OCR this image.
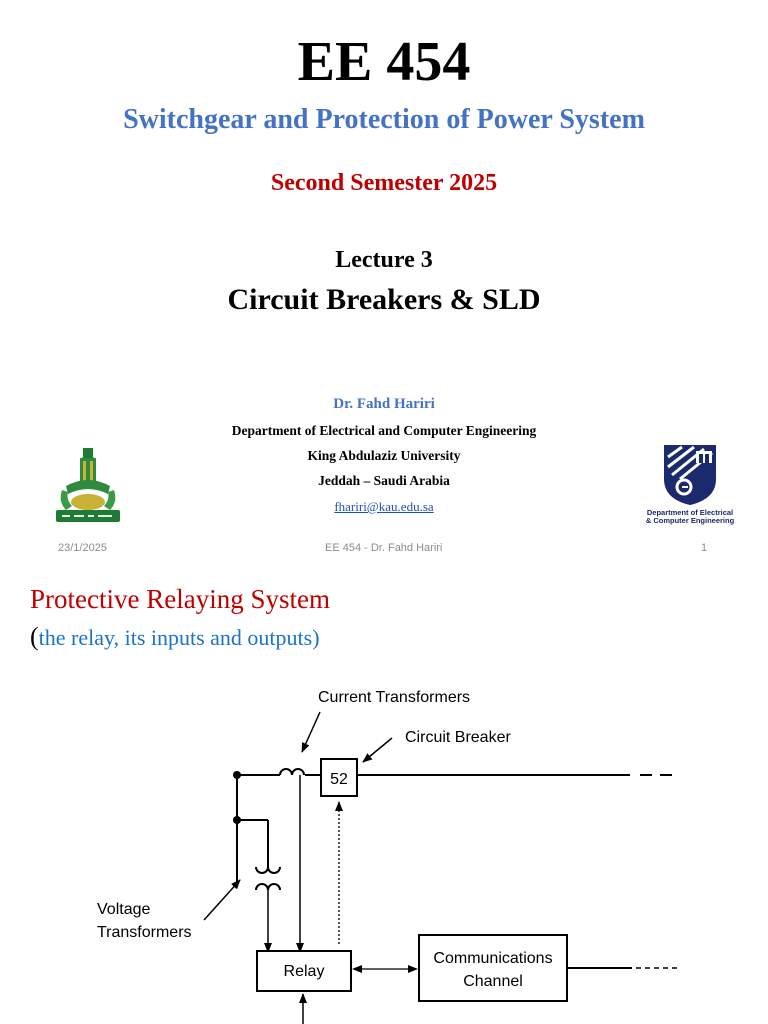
EE 454
Switchgear and Protection of Power System
Second Semester 2025
Lecture 3
Circuit Breakers & SLD
Dr. Fahd Hariri
Department of Electrical and Computer Engineering
King Abdulaziz University
Jeddah – Saudi Arabia
fhariri@kau.edu.sa	Department of Electrical
& Computer Engineering
23/1/2025	EE 454 - Dr. Fahd Hariri	1
Current Transformers
52
Circuit Breaker
Voltage
Transformers
Relay
Communications
Channel
Protective Relaying System
(the relay, its inputs and outputs)
